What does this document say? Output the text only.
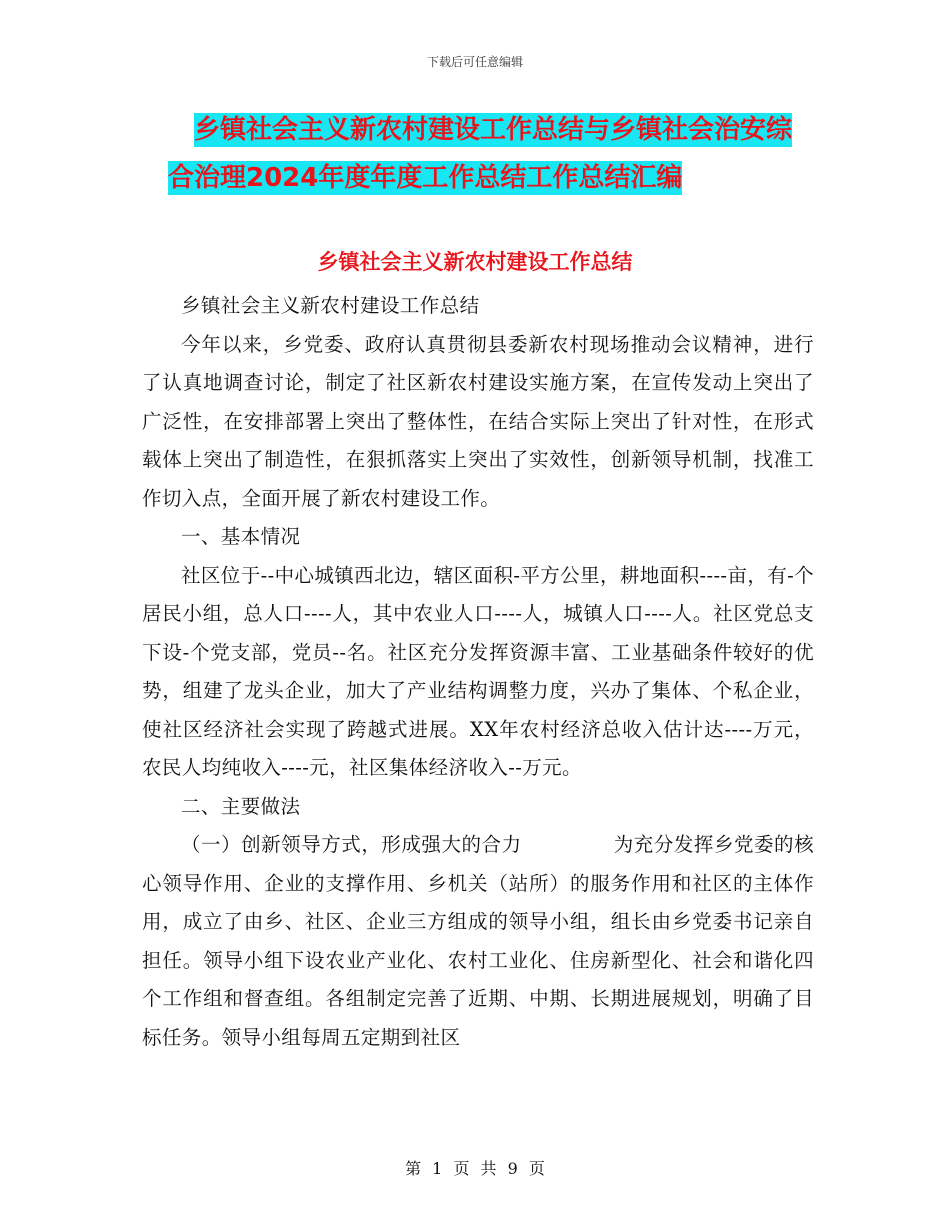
下载后可任意编辑
乡镇社会主义新农村建设工作总结与乡镇社会治安综
合治理2024年度年度工作总结工作总结汇编
乡镇社会主义新农村建设工作总结

乡镇社会主义新农村建设工作总结

今年以来，乡党委、政府认真贯彻县委新农村现场推动会议精神，进行了认真地调查讨论，制定了社区新农村建设实施方案，在宣传发动上突出了广泛性，在安排部署上突出了整体性，在结合实际上突出了针对性，在形式载体上突出了制造性，在狠抓落实上突出了实效性，创新领导机制，找准工作切入点，全面开展了新农村建设工作。

一、基本情况

社区位于--中心城镇西北边，辖区面积-平方公里，耕地面积----亩，有-个居民小组，总人口----人，其中农业人口----人，城镇人口----人。社区党总支下设-个党支部，党员--名。社区充分发挥资源丰富、工业基础条件较好的优势，组建了龙头企业，加大了产业结构调整力度，兴办了集体、个私企业，使社区经济社会实现了跨越式进展。XX年农村经济总收入估计达----万元，农民人均纯收入----元，社区集体经济收入--万元。

二、主要做法

（一）创新领导方式，形成强大的合力	为充分发挥乡党委的核心领导作用、企业的支撑作用、乡机关（站所）的服务作用和社区的主体作用，成立了由乡、社区、企业三方组成的领导小组，组长由乡党委书记亲自担任。领导小组下设农业产业化、农村工业化、住房新型化、社会和谐化四个工作组和督查组。各组制定完善了近期、中期、长期进展规划，明确了目标任务。领导小组每周五定期到社区

第 1 页 共 9 页
